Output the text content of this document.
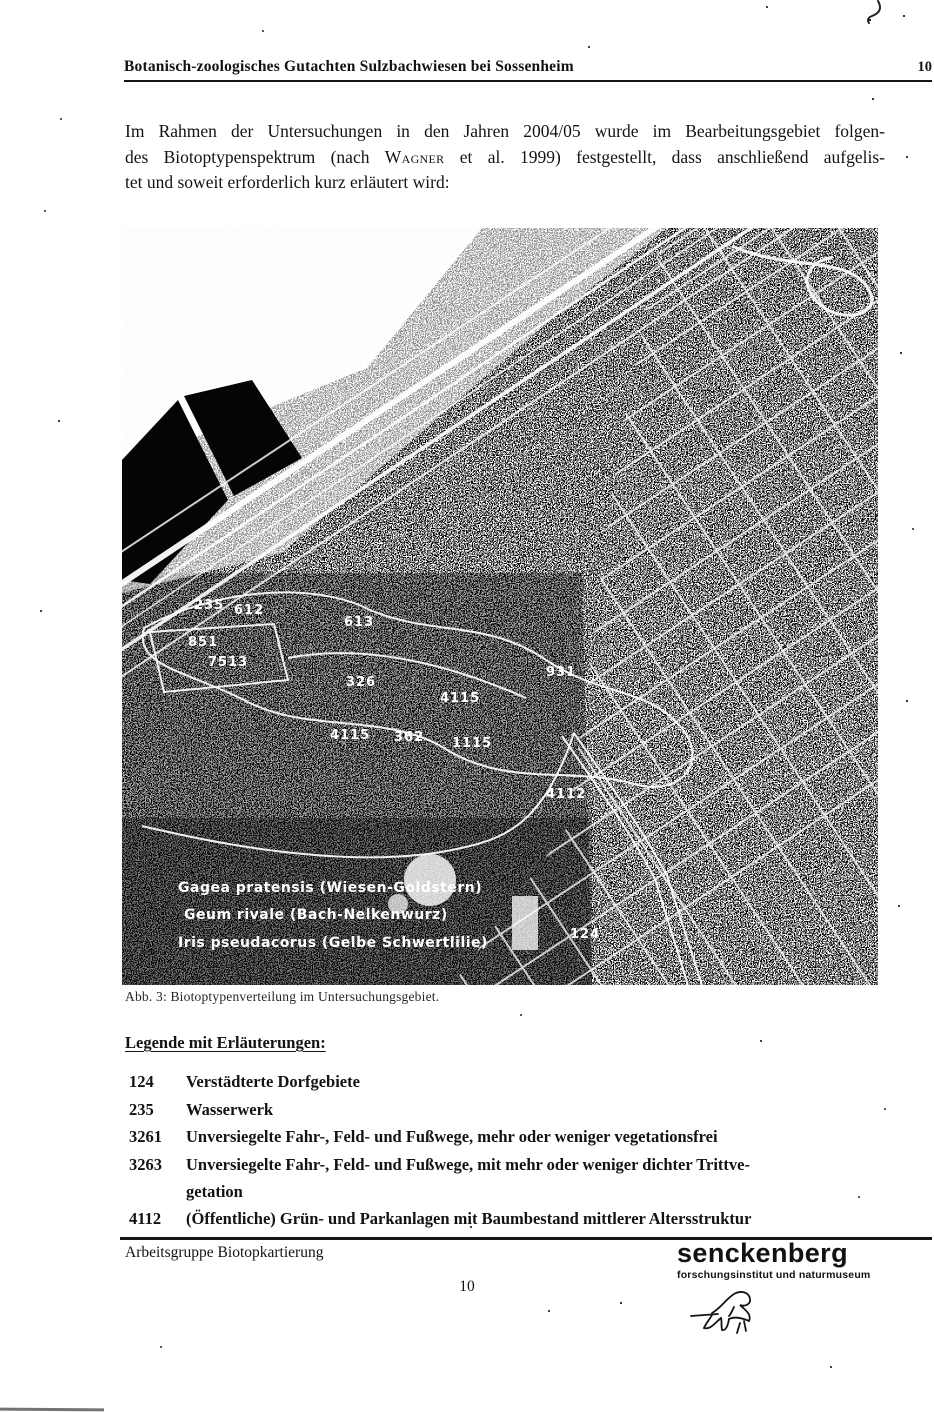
Botanisch-zoologisches Gutachten Sulzbachwiesen bei Sossenheim	10
Im Rahmen der Untersuchungen in den Jahren 2004/05 wurde im Bearbeitungsgebiet folgen-
des Biotoptypenspektrum (nach Wagner et al. 1999) festgestellt, dass anschließend aufgelis-
tet und soweit erforderlich kurz erläutert wird:
235 612
613
851
7513
326
4115 362 1115
4115
931
4112
124
Gagea pratensis (Wiesen-Goldstern)
Geum rivale (Bach-Nelkenwurz)
Iris pseudacorus (Gelbe Schwertlilie)
Abb. 3: Biotoptypenverteilung im Untersuchungsgebiet.
Legende mit Erläuterungen:
124	Verstädterte Dorfgebiete
235	Wasserwerk
3261	Unversiegelte Fahr-, Feld- und Fußwege, mehr oder weniger vegetationsfrei
3263	Unversiegelte Fahr-, Feld- und Fußwege, mit mehr oder weniger dichter Trittve-
getation
4112	(Öffentliche) Grün- und Parkanlagen mit Baumbestand mittlerer Altersstruktur
Arbeitsgruppe Biotopkartierung	senckenberg
forschungsinstitut und naturmuseum
10
